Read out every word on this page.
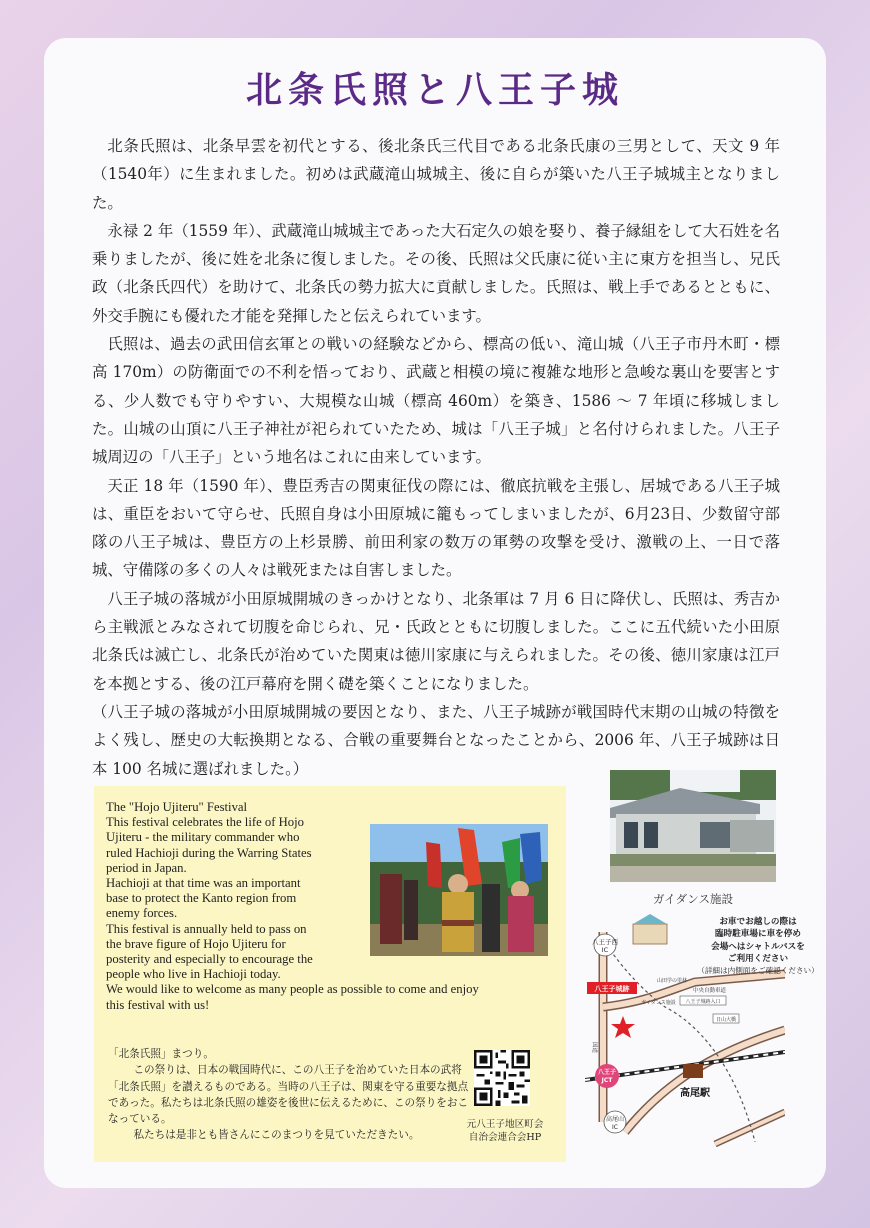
北条氏照と八王子城

北条氏照は、北条早雲を初代とする、後北条氏三代目である北条氏康の三男として、天文 9 年（1540年）に生まれました。初めは武蔵滝山城城主、後に自らが築いた八王子城城主となりました。

永禄 2 年（1559 年）、武蔵滝山城城主であった大石定久の娘を娶り、養子縁組をして大石姓を名乗りましたが、後に姓を北条に復しました。その後、氏照は父氏康に従い主に東方を担当し、兄氏政（北条氏四代）を助けて、北条氏の勢力拡大に貢献しました。氏照は、戦上手であるとともに、外交手腕にも優れた才能を発揮したと伝えられています。

氏照は、過去の武田信玄軍との戦いの経験などから、標高の低い、滝山城（八王子市丹木町・標高 170m）の防衛面での不利を悟っており、武蔵と相模の境に複雑な地形と急峻な裏山を要害とする、少人数でも守りやすい、大規模な山城（標高 460m）を築き、1586 ～ 7 年頃に移城しました。山城の山頂に八王子神社が祀られていたため、城は「八王子城」と名付けられました。八王子城周辺の「八王子」という地名はこれに由来しています。

天正 18 年（1590 年）、豊臣秀吉の関東征伐の際には、徹底抗戦を主張し、居城である八王子城は、重臣をおいて守らせ、氏照自身は小田原城に籠もってしまいましたが、6月23日、少数留守部隊の八王子城は、豊臣方の上杉景勝、前田利家の数万の軍勢の攻撃を受け、激戦の上、一日で落城、守備隊の多くの人々は戦死または自害しました。

八王子城の落城が小田原城開城のきっかけとなり、北条軍は 7 月 6 日に降伏し、氏照は、秀吉から主戦派とみなされて切腹を命じられ、兄・氏政とともに切腹しました。ここに五代続いた小田原北条氏は滅亡し、北条氏が治めていた関東は徳川家康に与えられました。その後、徳川家康は江戸を本拠とする、後の江戸幕府を開く礎を築くことになりました。

（八王子城の落城が小田原城開城の要因となり、また、八王子城跡が戦国時代末期の山城の特徴をよく残し、歴史の大転換期となる、合戦の重要舞台となったことから、2006 年、八王子城跡は日本 100 名城に選ばれました。）

The "Hojo Ujiteru" Festival
This festival celebrates the life of Hojo
Ujiteru - the military commander who
ruled Hachioji during the Warring States
period in Japan.
Hachioji at that time was an important
base to protect the Kanto region from
enemy forces.
This festival is annually held to pass on
the brave figure of Hojo Ujiteru for
posterity and especially to encourage the
people who live in Hachioji today.
We would like to welcome as many people as possible to come and enjoy
this festival with us!
「北条氏照」まつり。
この祭りは、日本の戦国時代に、この八王子を治めていた日本の武将「北条氏照」を讃えるものである。当時の八王子は、関東を守る重要な拠点であった。私たちは北条氏照の雄姿を後世に伝えるために、この祭りをおこなっている。
私たちは是非とも皆さんにこのまつりを見ていただきたい。
元八王子地区町会
自治会連合会HP
ガイダンス施設
八王子西
IC
八王子城跡
山田学の里林
ガイダンス施設 八王子城跡入口
日山大橋
中央自動車道
国道
八王子
JCT
高尾駅
高尾山
IC
お車でお越しの際は
臨時駐車場に車を停め
会場へはシャトルバスを
ご利用ください
（詳細は内側面をご確認ください）
